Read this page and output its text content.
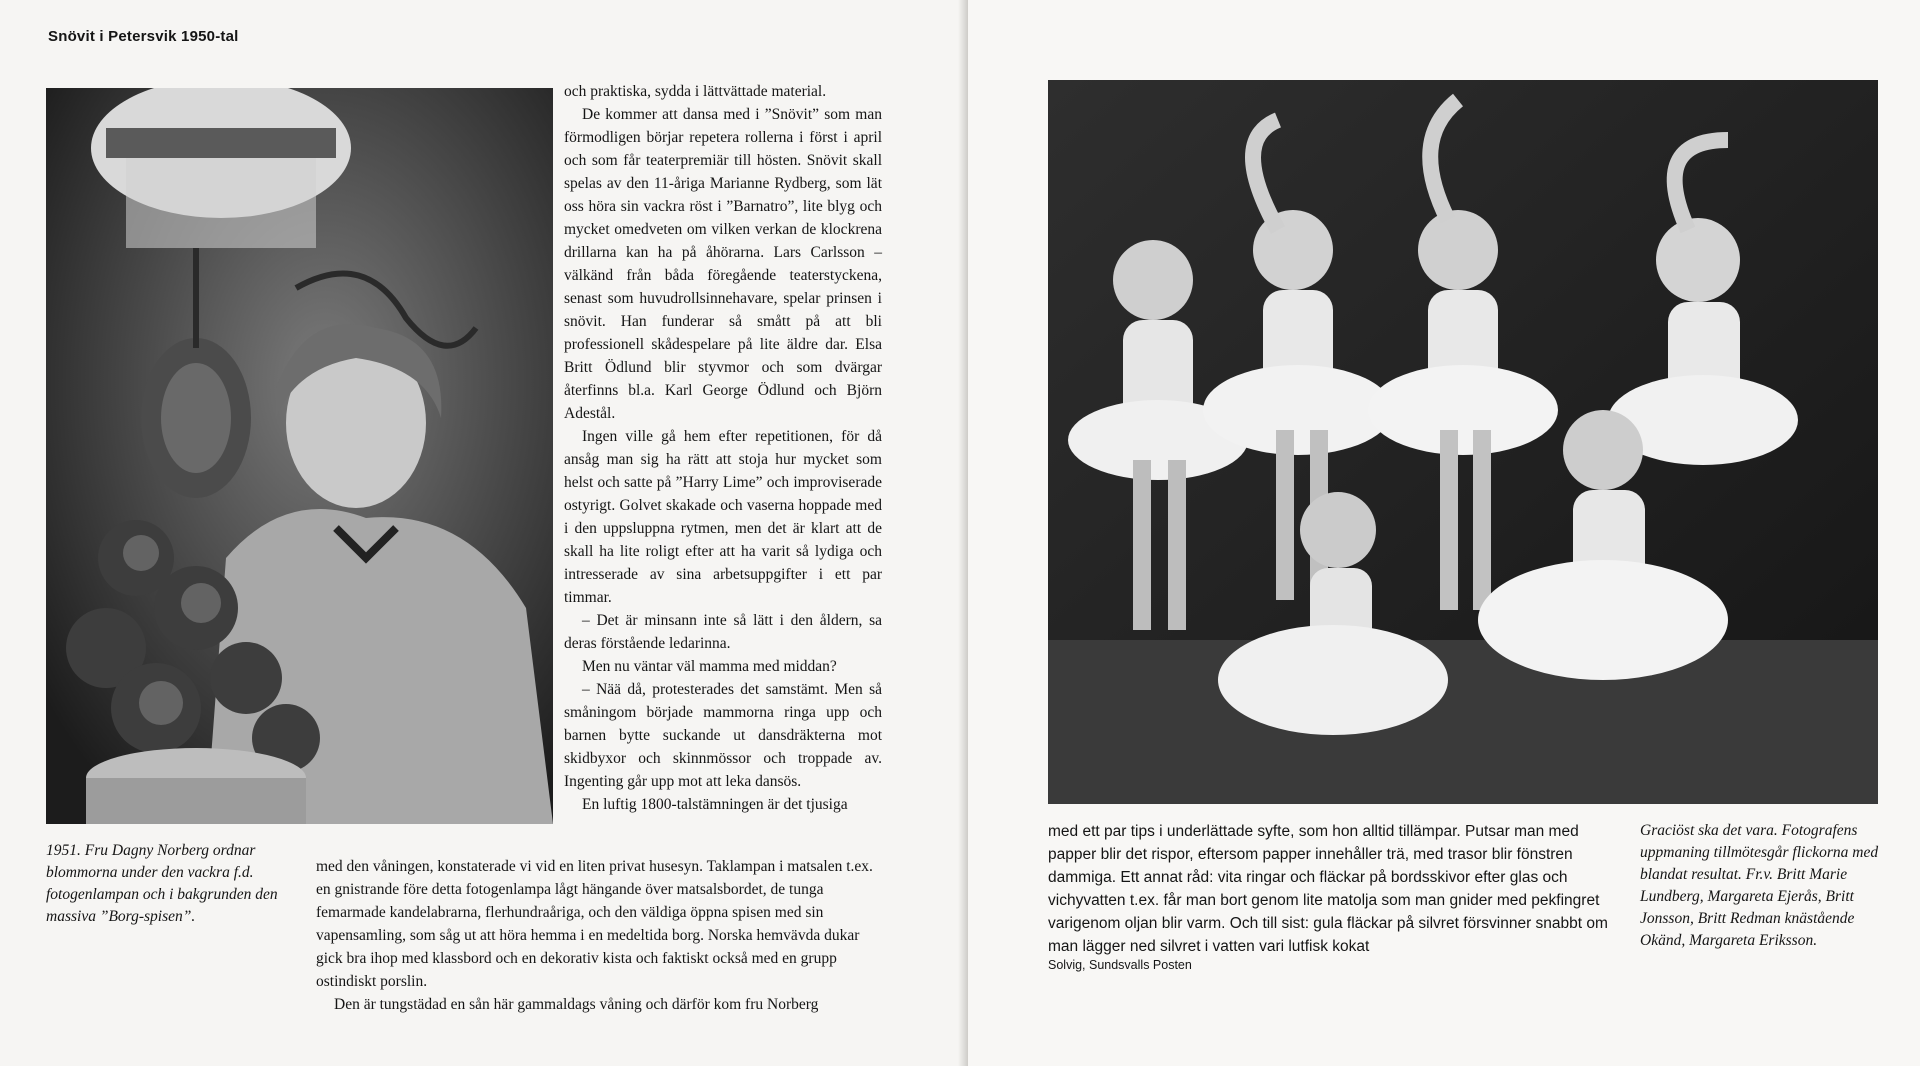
Snövit i Petersvik 1950-tal
1951. Fru Dagny Norberg ordnar blommorna under den vackra f.d. fotogenlampan och i bakgrunden den massiva ”Borg-spisen”.

och praktiska, sydda i lättvättade material.

De kommer att dansa med i ”Snövit” som man förmodligen börjar repetera rollerna i först i april och som får teaterpremiär till hösten. Snövit skall spelas av den 11-åriga Marianne Rydberg, som lät oss höra sin vackra röst i ”Barnatro”, lite blyg och mycket omedveten om vilken verkan de klockrena drillarna kan ha på åhörarna. Lars Carlsson – välkänd från båda föregående teaterstyckena, senast som huvudrollsinnehavare, spelar prinsen i snövit. Han funderar så smått på att bli professionell skådespelare på lite äldre dar. Elsa Britt Ödlund blir styvmor och som dvärgar återfinns bl.a. Karl George Ödlund och Björn Adestål.

Ingen ville gå hem efter repetitionen, för då ansåg man sig ha rätt att stoja hur mycket som helst och satte på ”Harry Lime” och improviserade ostyrigt. Golvet skakade och vaserna hoppade med i den uppsluppna rytmen, men det är klart att de skall ha lite roligt efter att ha varit så lydiga och intresserade av sina arbetsuppgifter i ett par timmar.

– Det är minsann inte så lätt i den åldern, sa deras förstående ledarinna.

Men nu väntar väl mamma med middan?

– Nää då, protesterades det samstämt. Men så småningom började mammorna ringa upp och barnen bytte suckande ut dansdräkterna mot skidbyxor och skinnmössor och troppade av. Ingenting går upp mot att leka dansös.

En luftig 1800-talstämningen är det tjusiga

med den våningen, konstaterade vi vid en liten privat husesyn. Taklampan i matsalen t.ex. en gnistrande före detta fotogenlampa lågt hängande över matsalsbordet, de tunga femarmade kandelabrarna, flerhundraåriga, och den väldiga öppna spisen med sin vapensamling, som såg ut att höra hemma i en medeltida borg. Norska hemvävda dukar gick bra ihop med klassbord och en dekorativ kista och faktiskt också med en grupp ostindiskt porslin.

Den är tungstädad en sån här gammaldags våning och därför kom fru Norberg

med ett par tips i underlättade syfte, som hon alltid tillämpar. Putsar man med papper blir det rispor, eftersom papper innehåller trä, med trasor blir fönstren dammiga. Ett annat råd: vita ringar och fläckar på bordsskivor efter glas och vichyvatten t.ex. får man bort genom lite matolja som man gnider med pekfingret varigenom oljan blir varm. Och till sist: gula fläckar på silvret försvinner snabbt om man lägger ned silvret i vatten vari lutfisk kokat

Solvig, Sundsvalls Posten
Graciöst ska det vara. Fotografens uppmaning tillmötesgår flickorna med blandat resultat. Fr.v. Britt Marie Lundberg, Margareta Ejerås, Britt Jonsson, Britt Redman knästående Okänd, Margareta Eriksson.
